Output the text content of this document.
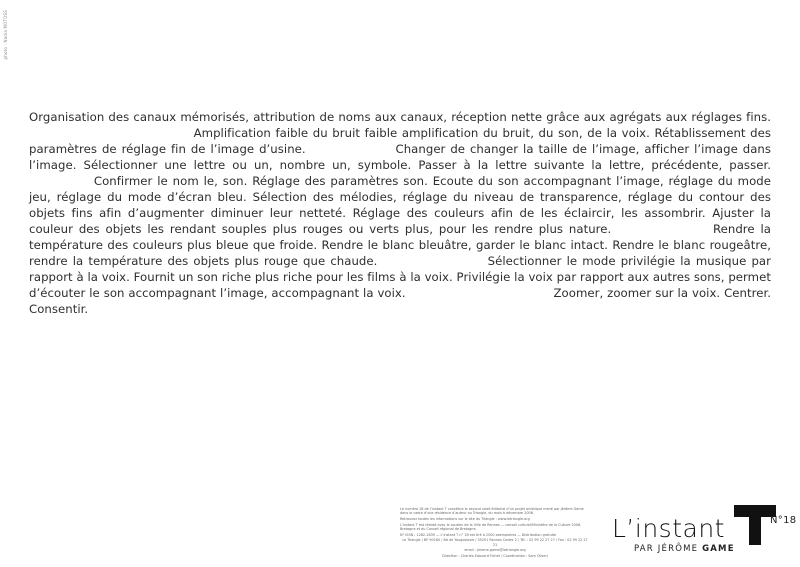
photo : Nadia MOTOSS
Organisation des canaux mémorisés, attribution de noms aux canaux, réception nette grâce aux agrégats aux réglages fins.  Amplification faible du bruit faible amplification du bruit, du son, de la voix. Rétablissement des paramètres de réglage fin de l’image d’usine.	Changer de changer la taille de l’image, afficher l’image dans l’image. Sélectionner une lettre ou un, nombre un, symbole. Passer à la lettre suivante la lettre, précédente, passer.  Confirmer le nom le, son. Réglage des paramètres son. Ecoute du son accompagnant l’image, réglage du mode jeu, réglage du mode d’écran bleu. Sélection des mélodies, réglage du niveau de transparence, réglage du contour des objets fins afin d’augmenter diminuer leur netteté. Réglage des couleurs afin de les éclaircir, les assombrir. Ajuster la couleur des objets les rendant souples plus rouges ou verts plus, pour les rendre plus nature.	Rendre la température des couleurs plus bleue que froide. Rendre le blanc bleuâtre, garder le blanc intact. Rendre le blanc rougeâtre, rendre la température des objets plus rouge que chaude.	Sélectionner le mode privilégie la musique par rapport à la voix. Fournit un son riche plus riche pour les films à la voix. Privilégie la voix par rapport aux autres sons, permet d’écouter le son accompagnant l’image, accompagnant la voix.	Zoomer, zoomer sur la voix. Centrer. Consentir.

Le numéro 18 de l’instant T constitue le second volet éditorial d’un projet artistique mené par Jérôme Game dans le cadre d’une résidence d’auteur au Triangle, du mois à décembre 2006.

Retrouvez toutes les informations sur le site du Triangle : www.letriangle.org

L’instant T est réalisé avec le soutien de la Ville de Rennes — conseil culturel/Ministère de la Culture 2006, Bretagne et du Conseil régional de Bretagne.

N° ISSN : 1282-1839 — L’instant T n° 18 est tiré à 2500 exemplaires — Distribution gratuite

Le Triangle / BP 90160 / Bd de Yougoslavie / 35201 Rennes Cedex 2 / Tél. : 02 99 22 27 27 / Fax : 02 99 22 27 21

email : jerome.game@letriangle.org

Direction : Charles-Edouard Fichet / Coordination : Sam Oliveri

L’instant	N°18
PAR JÉRÔME GAME
